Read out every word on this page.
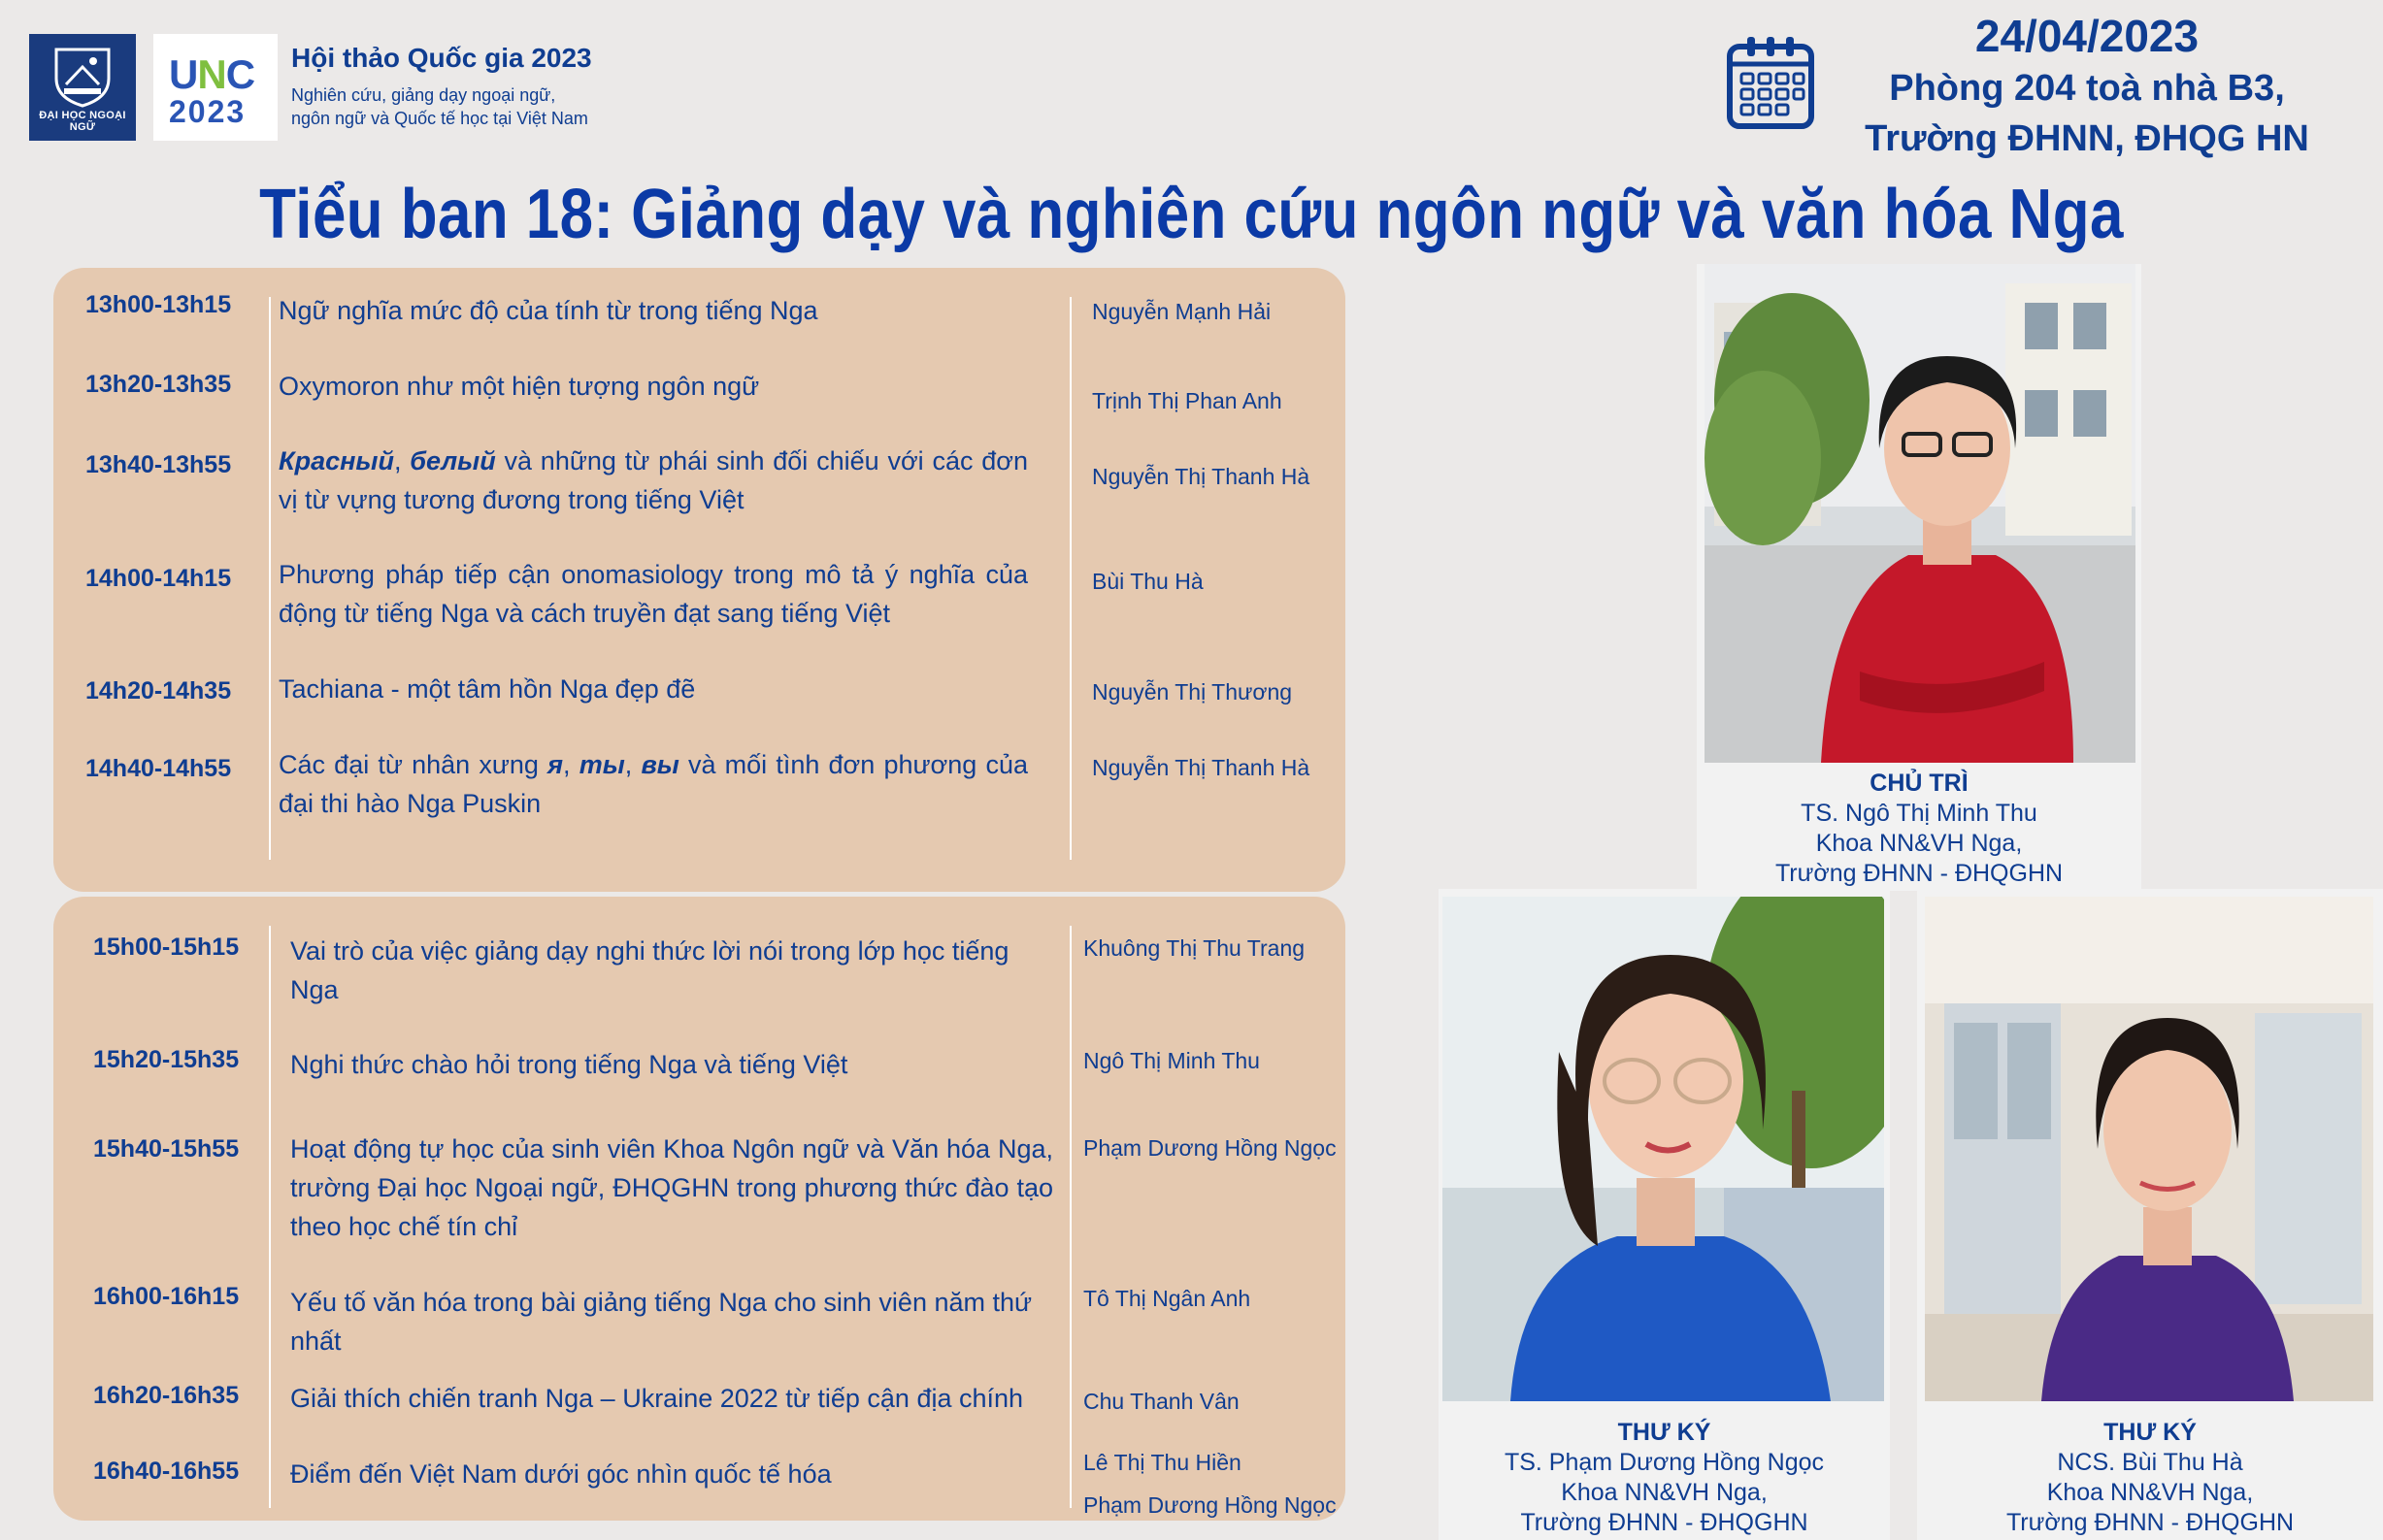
ĐẠI HỌC NGOẠI NGỮ
UNC
2023
Hội thảo Quốc gia 2023
Nghiên cứu, giảng dạy ngoại ngữ,
ngôn ngữ và Quốc tế học tại Việt Nam
24/04/2023
Phòng 204 toà nhà B3,
Trường ĐHNN, ĐHQG HN
Tiểu ban 18: Giảng dạy và nghiên cứu ngôn ngữ và văn hóa Nga
13h00-13h15 Ngữ nghĩa mức độ của tính từ trong tiếng Nga	Nguyễn Mạnh Hải
13h20-13h35 Oxymoron như một hiện tượng ngôn ngữ	Trịnh Thị Phan Anh
13h40-13h55 Красный, белый và những từ phái sinh đối chiếu với các đơn vị từ vựng tương đương trong tiếng Việt
Nguyễn Thị Thanh Hà
14h00-14h15 Phương pháp tiếp cận onomasiology trong mô tả ý nghĩa của động từ tiếng Nga và cách truyền đạt sang tiếng Việt
Bùi Thu Hà
14h20-14h35 Tachiana - một tâm hồn Nga đẹp đẽ	Nguyễn Thị Thương
14h40-14h55 Các đại từ nhân xưng я, ты, вы và mối tình đơn phương của đại thi hào Nga Puskin
Nguyễn Thị Thanh Hà
15h00-15h15 Vai trò của việc giảng dạy nghi thức lời nói trong lớp học tiếng Nga
Khuông Thị Thu Trang
15h20-15h35 Nghi thức chào hỏi trong tiếng Nga và tiếng Việt	Ngô Thị Minh Thu
15h40-15h55 Hoạt động tự học của sinh viên Khoa Ngôn ngữ và Văn hóa Nga, trường Đại học Ngoại ngữ, ĐHQGHN trong phương thức đào tạo theo học chế tín chỉ
Phạm Dương Hồng Ngọc
16h00-16h15 Yếu tố văn hóa trong bài giảng tiếng Nga cho sinh viên năm thứ nhất
Tô Thị Ngân Anh
16h20-16h35 Giải thích chiến tranh Nga – Ukraine 2022 từ tiếp cận địa chính	Chu Thanh Vân
16h40-16h55 Điểm đến Việt Nam dưới góc nhìn quốc tế hóa	Lê Thị Thu Hiền
Phạm Dương Hồng Ngọc
CHỦ TRÌ
TS. Ngô Thị Minh Thu
Khoa NN&VH Nga,
Trường ĐHNN - ĐHQGHN
THƯ KÝ
TS. Phạm Dương Hồng Ngọc
Khoa NN&VH Nga,
Trường ĐHNN - ĐHQGHN
THƯ KÝ
NCS. Bùi Thu Hà
Khoa NN&VH Nga,
Trường ĐHNN - ĐHQGHN
